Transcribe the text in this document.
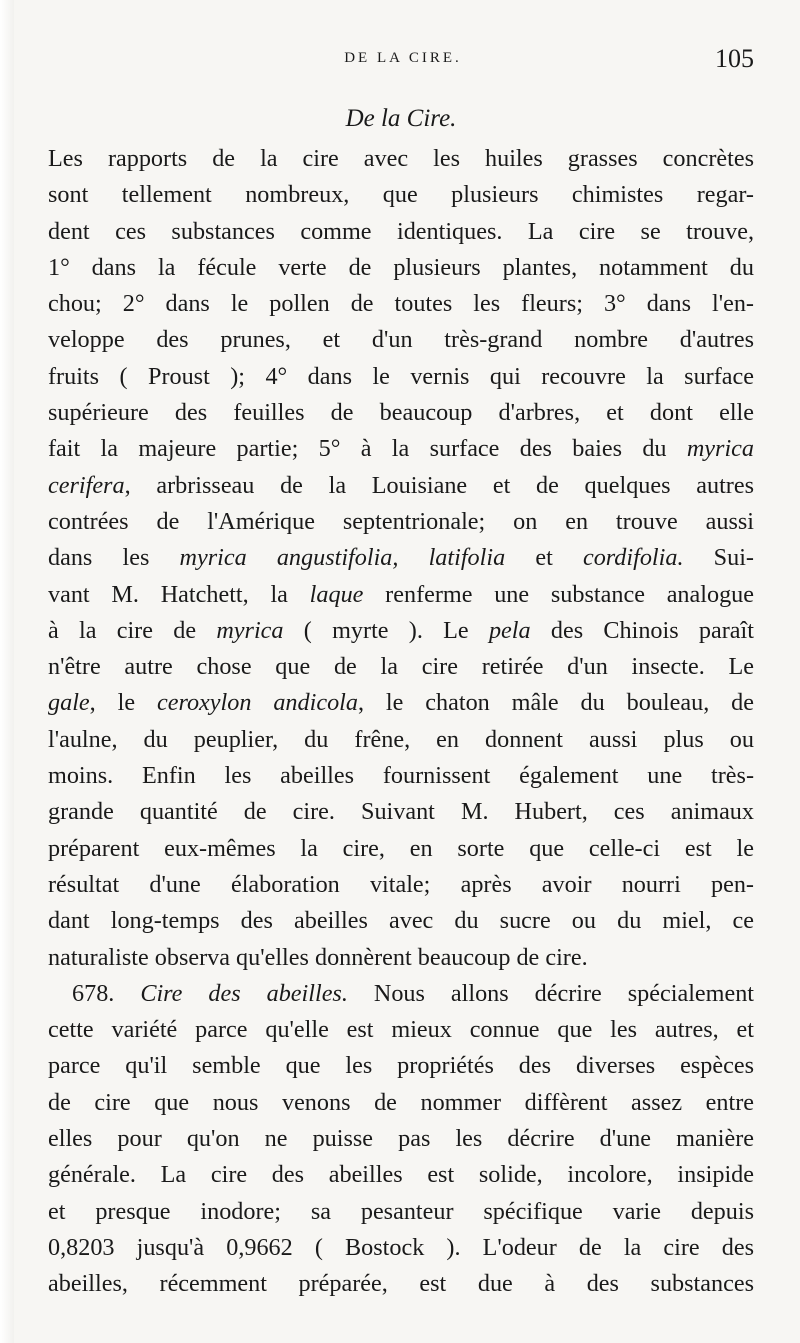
DE LA CIRE.	105
De la Cire.
Les rapports de la cire avec les huiles grasses concrètes
sont tellement nombreux, que plusieurs chimistes regar-
dent ces substances comme identiques. La cire se trouve,
1° dans la fécule verte de plusieurs plantes, notamment du
chou; 2° dans le pollen de toutes les fleurs; 3° dans l'en-
veloppe des prunes, et d'un très-grand nombre d'autres
fruits ( Proust ); 4° dans le vernis qui recouvre la surface
supérieure des feuilles de beaucoup d'arbres, et dont elle
fait la majeure partie; 5° à la surface des baies du myrica
cerifera, arbrisseau de la Louisiane et de quelques autres
contrées de l'Amérique septentrionale; on en trouve aussi
dans les myrica angustifolia, latifolia et cordifolia. Sui-
vant M. Hatchett, la laque renferme une substance analogue
à la cire de myrica ( myrte ). Le pela des Chinois paraît
n'être autre chose que de la cire retirée d'un insecte. Le
gale, le ceroxylon andicola, le chaton mâle du bouleau, de
l'aulne, du peuplier, du frêne, en donnent aussi plus ou
moins. Enfin les abeilles fournissent également une très-
grande quantité de cire. Suivant M. Hubert, ces animaux
préparent eux-mêmes la cire, en sorte que celle-ci est le
résultat d'une élaboration vitale; après avoir nourri pen-
dant long-temps des abeilles avec du sucre ou du miel, ce
naturaliste observa qu'elles donnèrent beaucoup de cire.
678. Cire des abeilles. Nous allons décrire spécialement
cette variété parce qu'elle est mieux connue que les autres, et
parce qu'il semble que les propriétés des diverses espèces
de cire que nous venons de nommer diffèrent assez entre
elles pour qu'on ne puisse pas les décrire d'une manière
générale. La cire des abeilles est solide, incolore, insipide
et presque inodore; sa pesanteur spécifique varie depuis
0,8203 jusqu'à 0,9662 ( Bostock ). L'odeur de la cire des
abeilles, récemment préparée, est due à des substances
